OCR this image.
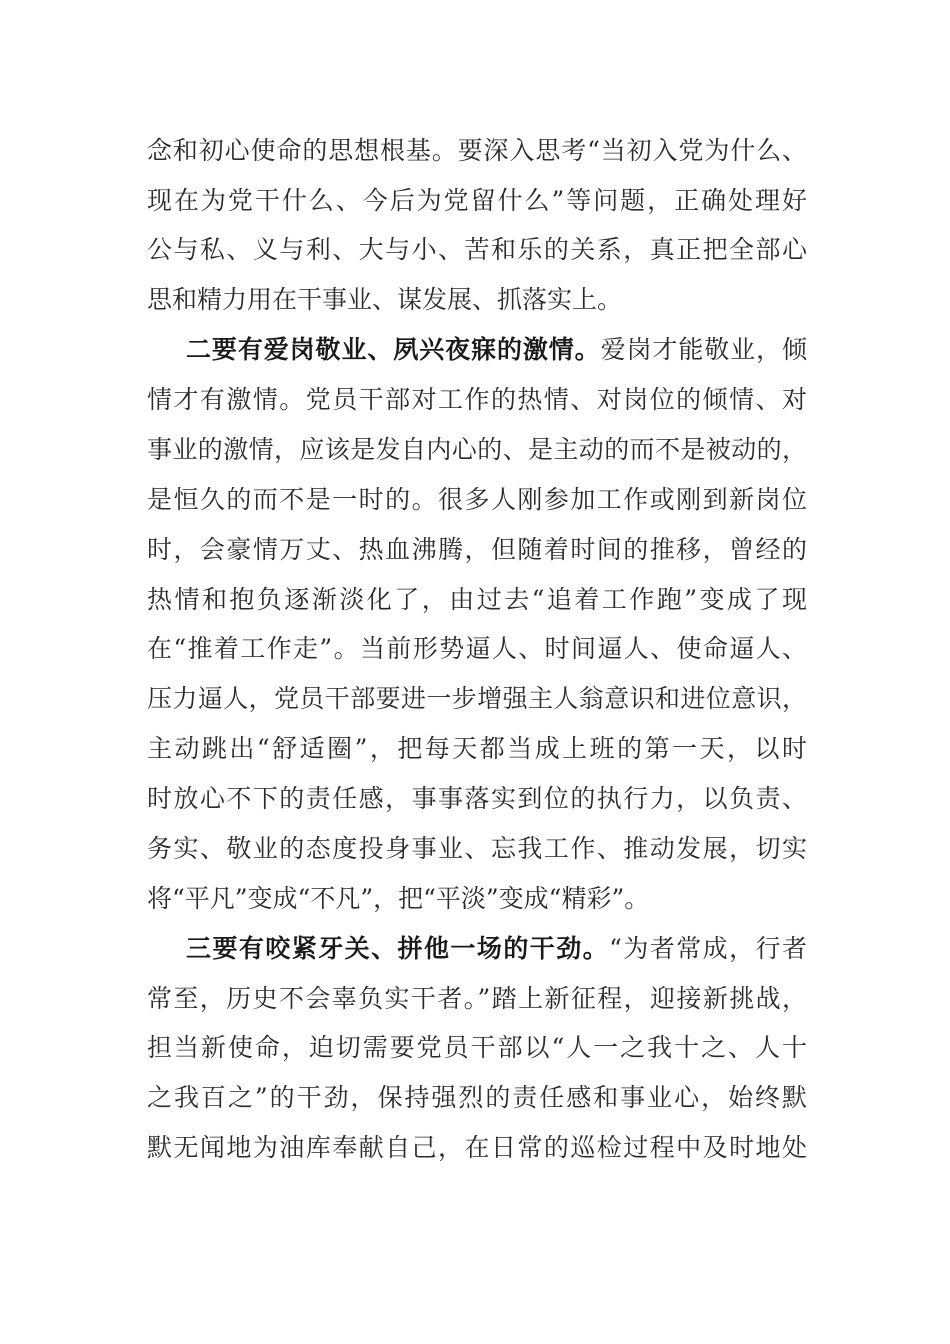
念和初心使命的思想根基。要深入思考“当初入党为什么、
现在为党干什么、今后为党留什么”等问题，正确处理好
公与私、义与利、大与小、苦和乐的关系，真正把全部心
思和精力用在干事业、谋发展、抓落实上。
二要有爱岗敬业、夙兴夜寐的激情。爱岗才能敬业，倾
情才有激情。党员干部对工作的热情、对岗位的倾情、对
事业的激情，应该是发自内心的、是主动的而不是被动的，
是恒久的而不是一时的。很多人刚参加工作或刚到新岗位
时，会豪情万丈、热血沸腾，但随着时间的推移，曾经的
热情和抱负逐渐淡化了，由过去“追着工作跑”变成了现
在“推着工作走”。当前形势逼人、时间逼人、使命逼人、
压力逼人，党员干部要进一步增强主人翁意识和进位意识，
主动跳出“舒适圈”，把每天都当成上班的第一天，以时
时放心不下的责任感，事事落实到位的执行力，以负责、
务实、敬业的态度投身事业、忘我工作、推动发展，切实
将“平凡”变成“不凡”，把“平淡”变成“精彩”。
三要有咬紧牙关、拼他一场的干劲。“为者常成，行者
常至，历史不会辜负实干者。”踏上新征程，迎接新挑战，
担当新使命，迫切需要党员干部以“人一之我十之、人十
之我百之”的干劲，保持强烈的责任感和事业心，始终默
默无闻地为油库奉献自己，在日常的巡检过程中及时地处
